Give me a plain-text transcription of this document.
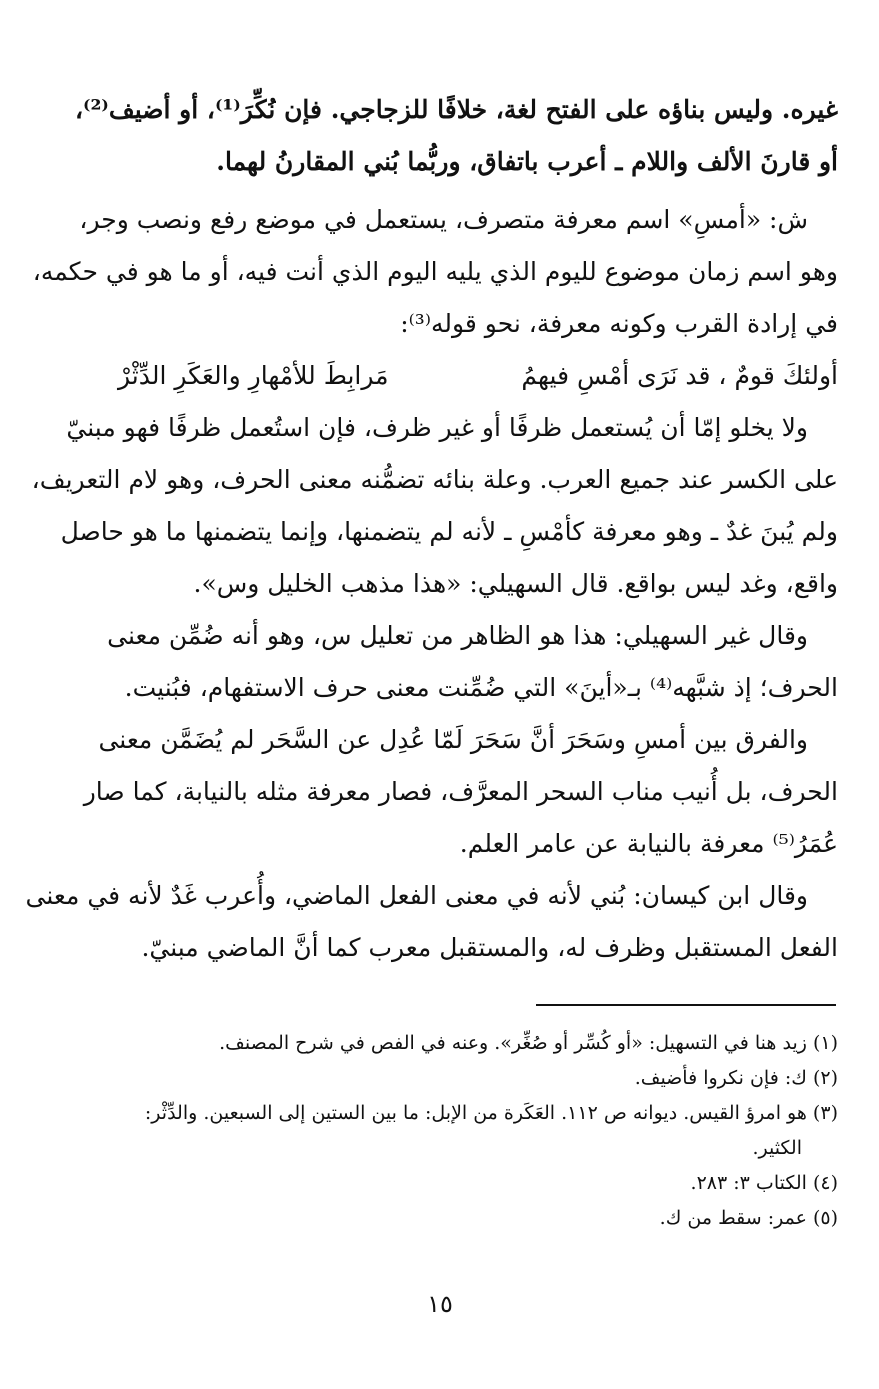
غيره. وليس بناؤه على الفتح لغة، خلافًا للزجاجي. فإن نُكِّرَ⁽¹⁾، أو أضيف⁽²⁾،
أو قارنَ الألف واللام ـ أعرب باتفاق، وربُّما بُني المقارنُ لهما.
ش: «أمسِ» اسم معرفة متصرف، يستعمل في موضع رفع ونصب وجر،
وهو اسم زمان موضوع لليوم الذي يليه اليوم الذي أنت فيه، أو ما هو في حكمه،
في إرادة القرب وكونه معرفة، نحو قوله⁽³⁾:
أولئكَ قومٌ ، قد نَرَى أمْسِ فيهمُ
مَرابِطَ للأمْهارِ والعَكَرِ الدِّثْرْ
ولا يخلو إمّا أن يُستعمل ظرفًا أو غير ظرف، فإن استُعمل ظرفًا فهو مبنيّ
على الكسر عند جميع العرب. وعلة بنائه تضمُّنه معنى الحرف، وهو لام التعريف،
ولم يُبنَ غدٌ ـ وهو معرفة كأمْسِ ـ لأنه لم يتضمنها، وإنما يتضمنها ما هو حاصل
واقع، وغد ليس بواقع. قال السهيلي: «هذا مذهب الخليل وس».
وقال غير السهيلي: هذا هو الظاهر من تعليل س، وهو أنه ضُمِّن معنى
الحرف؛ إذ شبَّهه⁽⁴⁾ بـ«أينَ» التي ضُمِّنت معنى حرف الاستفهام، فبُنيت.
والفرق بين أمسِ وسَحَرَ أنَّ سَحَرَ لَمّا عُدِل عن السَّحَر لم يُضَمَّن معنى
الحرف، بل أُنيب مناب السحر المعرَّف، فصار معرفة مثله بالنيابة، كما صار
عُمَرُ⁽⁵⁾ معرفة بالنيابة عن عامر العلم.
وقال ابن كيسان: بُني لأنه في معنى الفعل الماضي، وأُعرب غَدٌ لأنه في معنى
الفعل المستقبل وظرف له، والمستقبل معرب كما أنَّ الماضي مبنيّ.
(١) زيد هنا في التسهيل: «أو كُسِّر أو صُغِّر». وعنه في الفص في شرح المصنف.
(٢) ك: فإن نكروا فأضيف.
(٣) هو امرؤ القيس. ديوانه ص ١١٢. العَكَرة من الإبل: ما بين الستين إلى السبعين. والدِّثْر:
الكثير.
(٤) الكتاب ٣: ٢٨٣.
(٥) عمر: سقط من ك.
١٥
